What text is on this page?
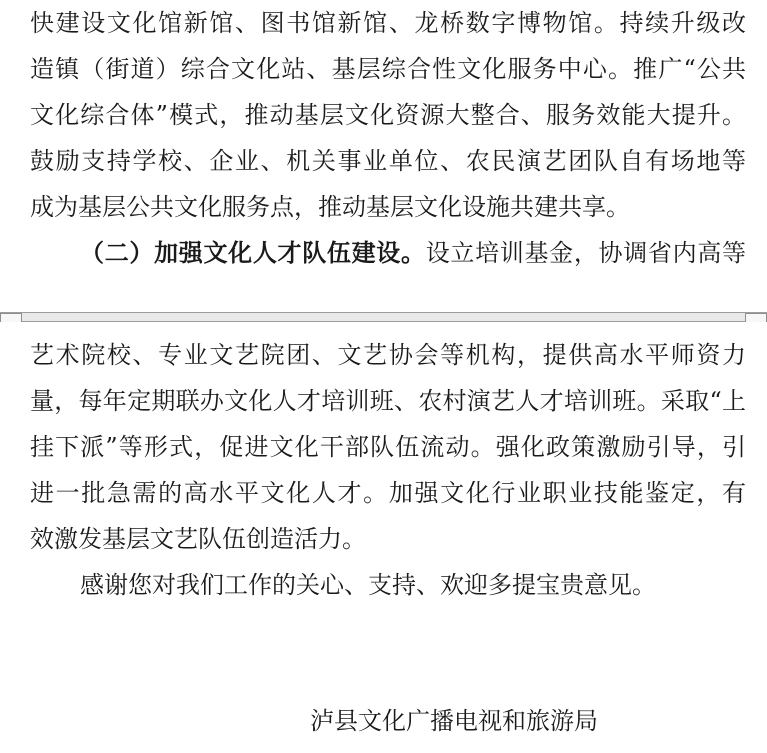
快建设文化馆新馆、图书馆新馆、龙桥数字博物馆。持续升级改
造镇（街道）综合文化站、基层综合性文化服务中心。推广“公共
文化综合体”模式，推动基层文化资源大整合、服务效能大提升。
鼓励支持学校、企业、机关事业单位、农民演艺团队自有场地等
成为基层公共文化服务点，推动基层文化设施共建共享。
（二）加强文化人才队伍建设。设立培训基金，协调省内高等
艺术院校、专业文艺院团、文艺协会等机构，提供高水平师资力
量，每年定期联办文化人才培训班、农村演艺人才培训班。采取“上
挂下派”等形式，促进文化干部队伍流动。强化政策激励引导，引
进一批急需的高水平文化人才。加强文化行业职业技能鉴定，有
效激发基层文艺队伍创造活力。
感谢您对我们工作的关心、支持、欢迎多提宝贵意见。
泸县文化广播电视和旅游局
